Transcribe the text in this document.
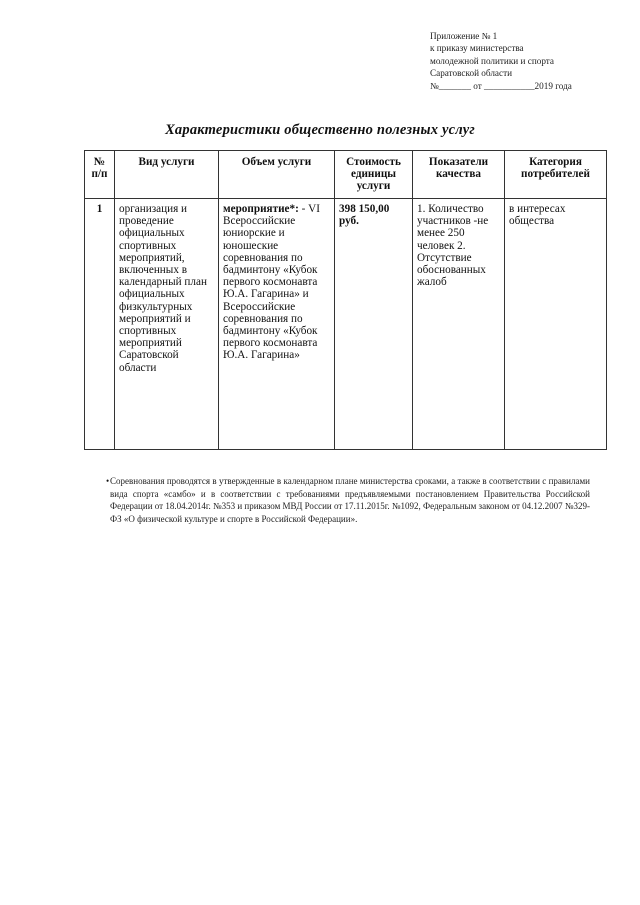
Приложение № 1
к приказу министерства
молодежной политики и спорта
Саратовской области
№_______ от ___________2019 года
Характеристики общественно полезных услуг
№ п/п	Вид услуги	Объем услуги	Стоимость единицы услуги	Показатели качества	Категория потребителей
1	организация и проведение официальных спортивных мероприятий, включенных в календарный план официальных физкультурных мероприятий и спортивных мероприятий Саратовской области	мероприятие*: - VI Всероссийские юниорские и юношеские соревнования по бадминтону «Кубок первого космонавта Ю.А. Гагарина» и Всероссийские соревнования по бадминтону «Кубок первого космонавта Ю.А. Гагарина»	398 150,00 руб.	1. Количество участников -не менее 250 человек 2. Отсутствие обоснованных жалоб	в интересах общества
• Соревнования проводятся в утвержденные в календарном плане министерства сроками, а также в соответствии с правилами вида спорта «самбо» и в соответствии с требованиями предъявляемыми постановлением Правительства Российской Федерации от 18.04.2014г. №353 и приказом МВД России от 17.11.2015г. №1092, Федеральным законом от 04.12.2007 №329-ФЗ «О физической культуре и спорте в Российской Федерации».
